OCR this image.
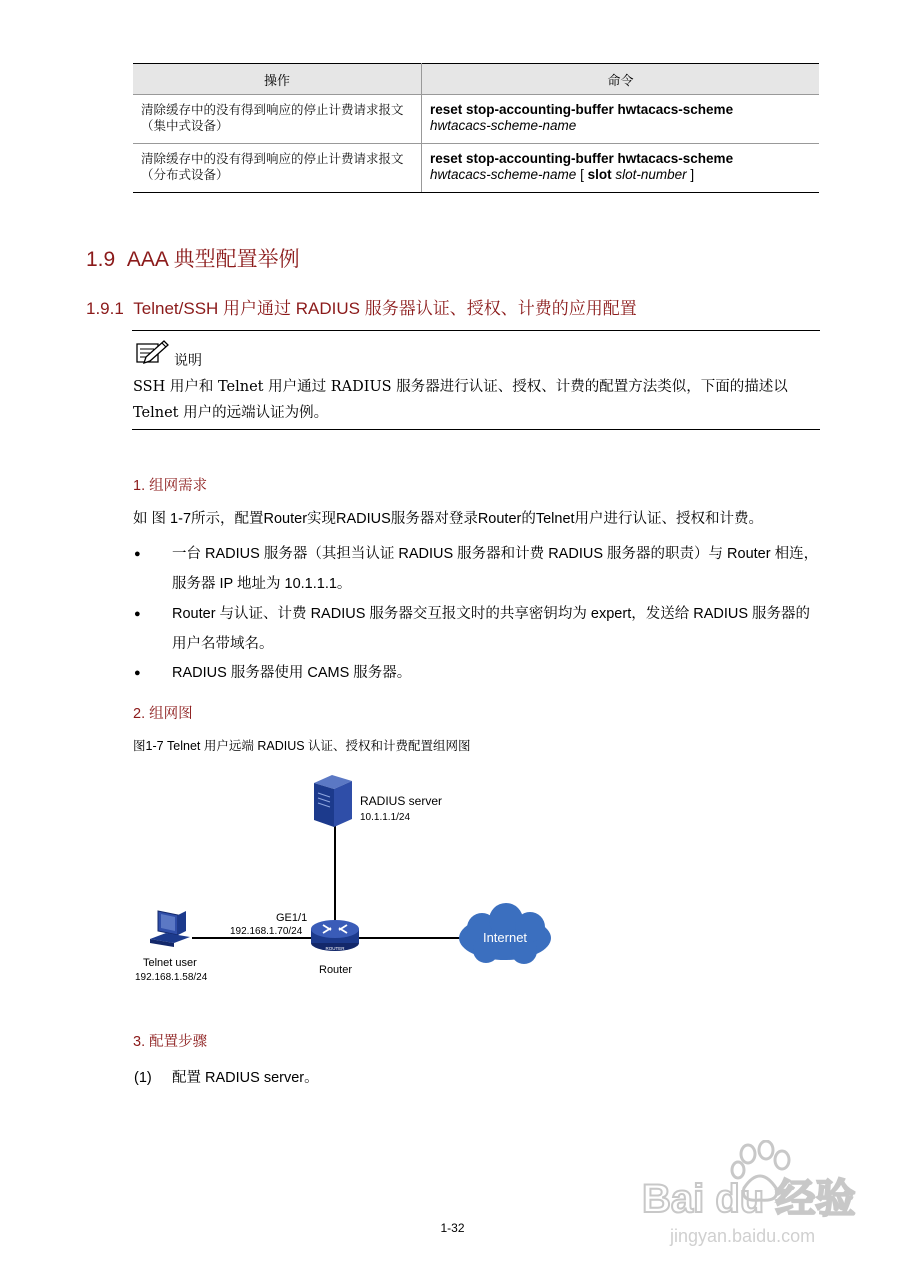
操作	命令
清除缓存中的没有得到响应的停止计费请求报文（集中式设备）	reset stop-accounting-buffer hwtacacs-scheme
hwtacacs-scheme-name
清除缓存中的没有得到响应的停止计费请求报文（分布式设备）	reset stop-accounting-buffer hwtacacs-scheme
hwtacacs-scheme-name [ slot slot-number ]
1.9 AAA 典型配置举例
1.9.1 Telnet/SSH 用户通过 RADIUS 服务器认证、授权、计费的应用配置
说明
SSH 用户和 Telnet 用户通过 RADIUS 服务器进行认证、授权、计费的配置方法类似，下面的描述以 Telnet 用户的远端认证为例。
1. 组网需求
如 图 1-7所示，配置Router实现RADIUS服务器对登录Router的Telnet用户进行认证、授权和计费。
● 一台 RADIUS 服务器（其担当认证 RADIUS 服务器和计费 RADIUS 服务器的职责）与 Router 相连，服务器 IP 地址为 10.1.1.1。
● Router 与认证、计费 RADIUS 服务器交互报文时的共享密钥均为 expert，发送给 RADIUS 服务器的用户名带域名。
● RADIUS 服务器使用 CAMS 服务器。
2. 组网图
图1-7 Telnet 用户远端 RADIUS 认证、授权和计费配置组网图
RADIUS server
10.1.1.1/24
GE1/1
192.168.1.70/24
ROUTER
Router
Telnet user
192.168.1.58/24
Internet
3. 配置步骤
(1) 配置 RADIUS server。
1-32
Bai du 经验
jingyan.baidu.com
